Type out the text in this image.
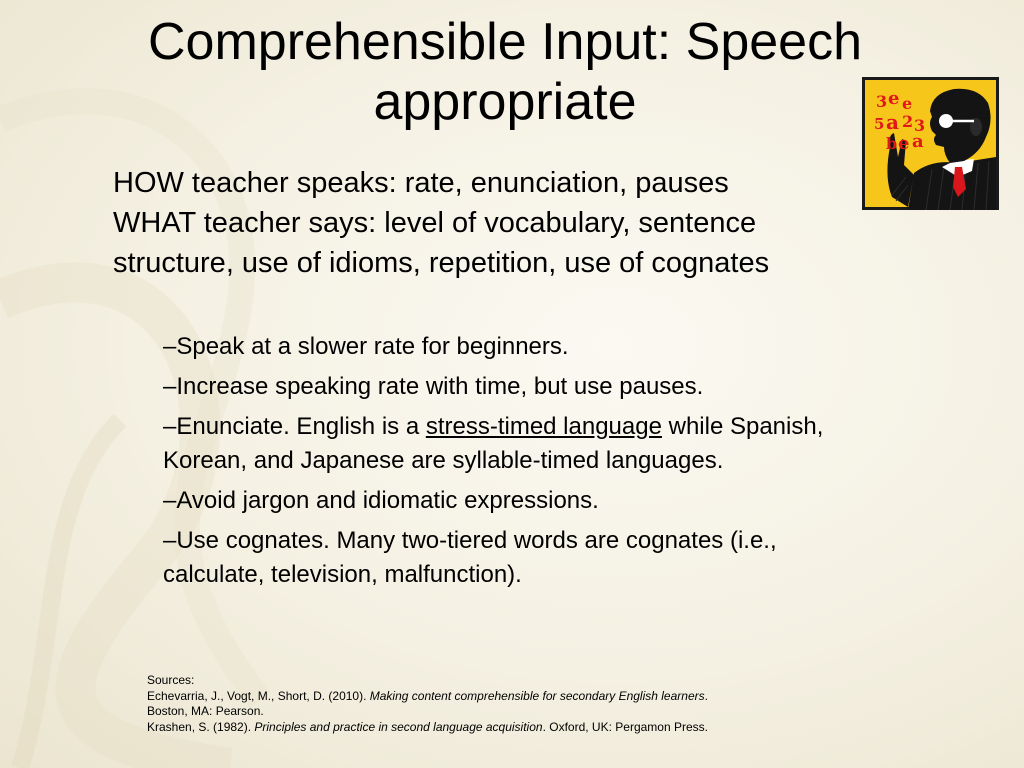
Comprehensible Input: Speech
appropriate	3 e e
5 a 2 3
b e a
HOW teacher speaks: rate, enunciation, pauses
WHAT teacher says: level of vocabulary, sentence
structure, use of idioms, repetition, use of cognates
–Speak at a slower rate for beginners.
–Increase speaking rate with time, but use pauses.
–Enunciate. English is a stress-timed language while Spanish,
Korean, and Japanese are syllable-timed languages.
–Avoid jargon and idiomatic expressions.
–Use cognates. Many two-tiered words are cognates (i.e.,
calculate, television, malfunction).
Sources:
Echevarria, J., Vogt, M., Short, D. (2010). Making content comprehensible for secondary English learners.
Boston, MA: Pearson.
Krashen, S. (1982). Principles and practice in second language acquisition. Oxford, UK: Pergamon Press.
